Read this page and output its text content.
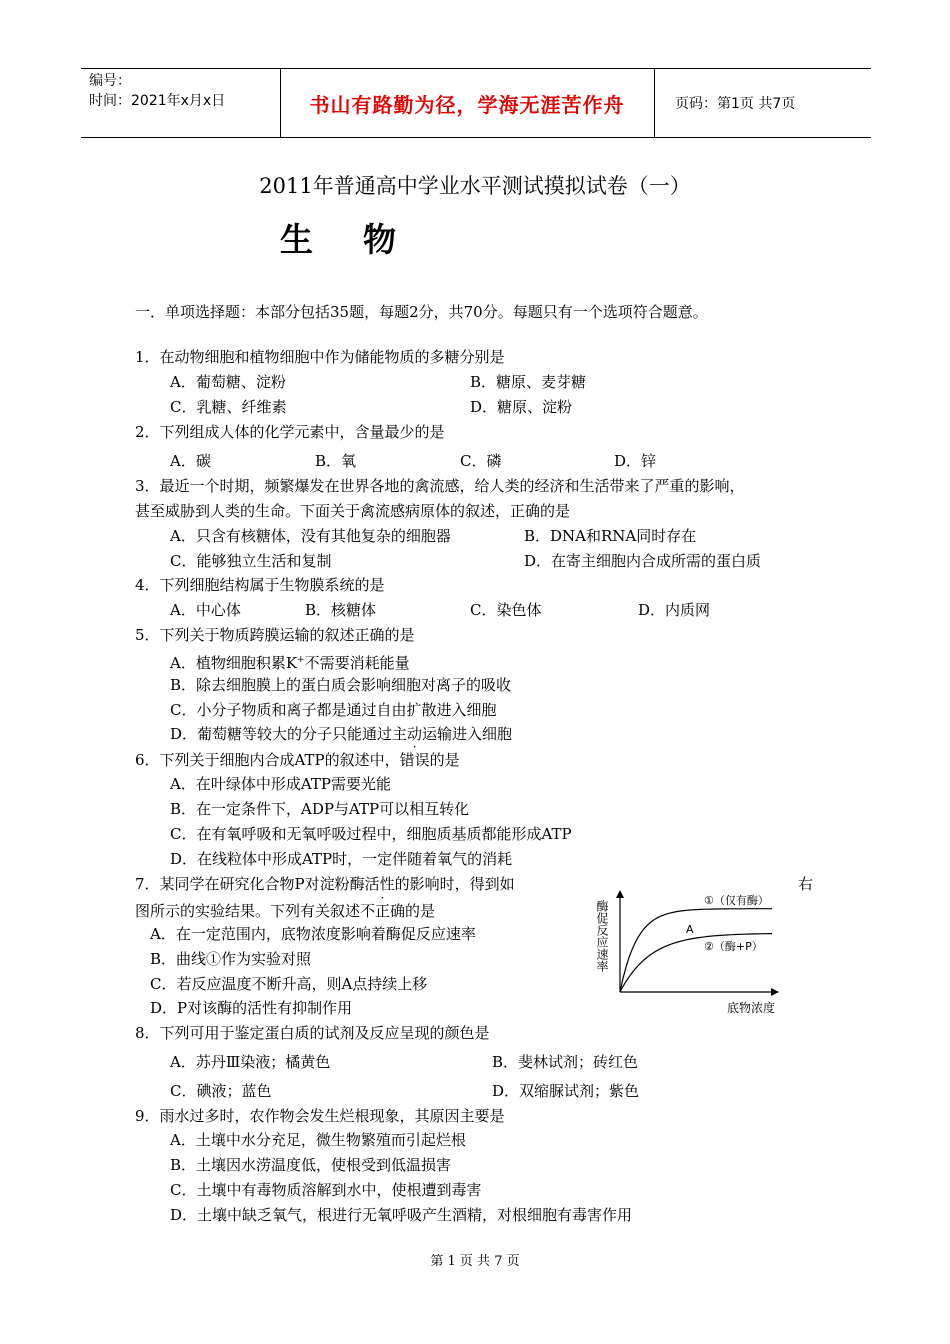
编号：
时间：2021年x月x日	书山有路勤为径，学海无涯苦作舟	页码：第1页 共7页
2011年普通高中学业水平测试摸拟试卷（一）
生物
一．单项选择题：本部分包括35题，每题2分，共70分。每题只有一个选项符合题意。
1．在动物细胞和植物细胞中作为储能物质的多糖分别是
A．葡萄糖、淀粉	B．糖原、麦芽糖
C．乳糖、纤维素	D．糖原、淀粉
2．下列组成人体的化学元素中，含量最少的是
A．碳	B．氧	C．磷	D．锌
3．最近一个时期，频繁爆发在世界各地的禽流感，给人类的经济和生活带来了严重的影响，
甚至威胁到人类的生命。下面关于禽流感病原体的叙述，正确的是
A．只含有核糖体，没有其他复杂的细胞器	B．DNA和RNA同时存在
C．能够独立生活和复制	D．在寄主细胞内合成所需的蛋白质
4．下列细胞结构属于生物膜系统的是
A．中心体	B．核糖体	C．染色体	D．内质网
5．下列关于物质跨膜运输的叙述正确的是
A．植物细胞积累K+不需要消耗能量
B．除去细胞膜上的蛋白质会影响细胞对离子的吸收
C．小分子物质和离子都是通过自由扩散进入细胞
D．葡萄糖等较大的分子只能通过主动运输进入细胞
6．下列关于细胞内合成ATP的叙述中，错误的是
A．在叶绿体中形成ATP需要光能
B．在一定条件下，ADP与ATP可以相互转化
C．在有氧呼吸和无氧呼吸过程中，细胞质基质都能形成ATP
D．在线粒体中形成ATP时，一定伴随着氧气的消耗
7．某同学在研究化合物P对淀粉酶活性的影响时，得到如	右
图所示的实验结果。下列有关叙述不正确的是
A．在一定范围内，底物浓度影响着酶促反应速率
B．曲线①作为实验对照
C．若反应温度不断升高，则A点持续上移
D．P对该酶的活性有抑制作用
酶促反应速率	①（仅有酶）
②（酶+P）
A
底物浓度
8．下列可用于鉴定蛋白质的试剂及反应呈现的颜色是
A．苏丹Ⅲ染液；橘黄色	B．斐林试剂；砖红色
C．碘液；蓝色	D．双缩脲试剂；紫色
9．雨水过多时，农作物会发生烂根现象，其原因主要是
A．土壤中水分充足，微生物繁殖而引起烂根
B．土壤因水涝温度低，使根受到低温损害
C．土壤中有毒物质溶解到水中，使根遭到毒害
D．土壤中缺乏氧气，根进行无氧呼吸产生酒精，对根细胞有毒害作用
第 1 页 共 7 页
